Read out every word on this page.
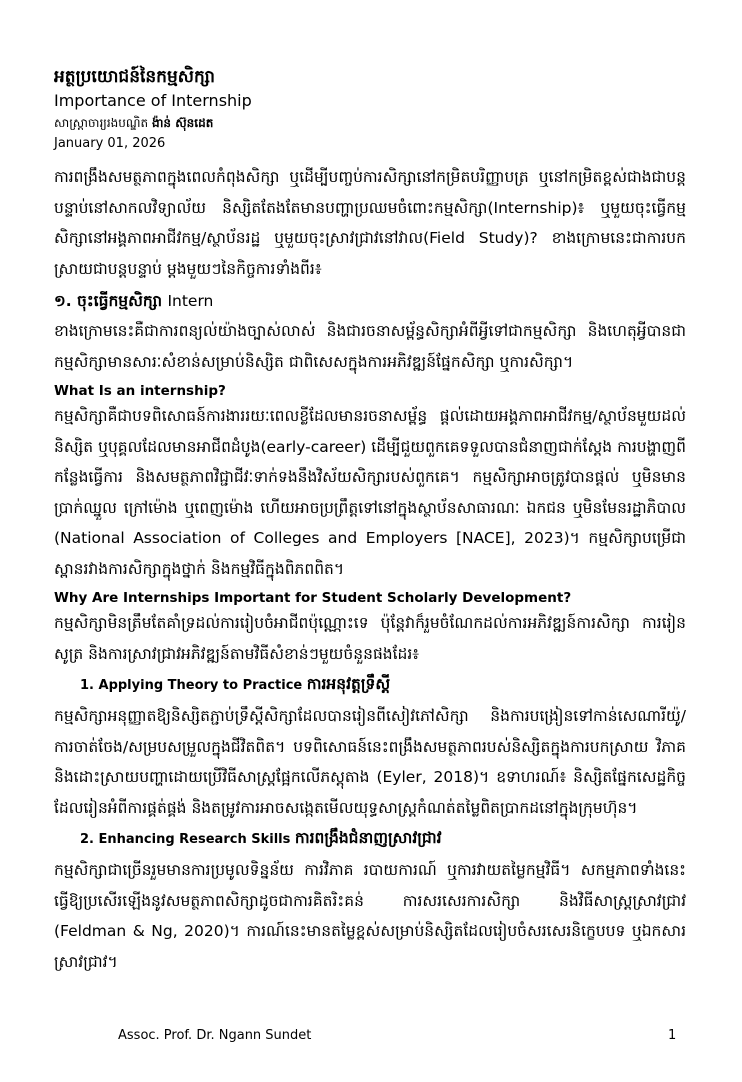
អត្ថប្រយោជន៍នៃកម្មសិក្សា
Importance of Internship
សាស្ត្រាចារ្យរងបណ្ឌិត ង៉ាន់ ស៊ុនដេត
January 01, 2026

ការពង្រឹងសមត្ថភាពក្នុងពេលកំពុងសិក្សា ឬដើម្បីបញ្ចប់ការសិក្សានៅកម្រិតបរិញ្ញាបត្រ ឬនៅកម្រិតខ្ពស់ជាងជាបន្តបន្ទាប់នៅសាកលវិទ្យាល័យ និស្សិតតែងតែមានបញ្ហាប្រឈមចំពោះកម្មសិក្សា(Internship)៖ ឬមួយចុះធ្វើកម្មសិក្សានៅអង្គភាពអាជីវកម្ម/ស្ថាប័នរដ្ឋ ឬមួយចុះស្រាវជ្រាវនៅវាល(Field Study)? ខាងក្រោមនេះជាការបកស្រាយជាបន្តបន្ទាប់ ម្តងមួយៗនៃកិច្ចការទាំងពីរ៖

១. ចុះធ្វើកម្មសិក្សា Intern

ខាងក្រោមនេះគឺជាការពន្យល់យ៉ាងច្បាស់លាស់ និងជារចនាសម្ព័ន្ធសិក្សាអំពីអ្វីទៅជាកម្មសិក្សា និងហេតុអ្វីបានជាកម្មសិក្សាមានសារៈសំខាន់សម្រាប់និស្សិត ជាពិសេសក្នុងការអភិវឌ្ឍន៍ផ្នែកសិក្សា ឬការសិក្សា។

What Is an internship?

កម្មសិក្សាគឺជាបទពិសោធន៍ការងាររយៈពេលខ្លីដែលមានរចនាសម្ព័ន្ធ ផ្តល់ដោយអង្គភាពអាជីវកម្ម/ស្ថាប័នមួយដល់និស្សិត ឬបុគ្គលដែលមានអាជីពដំបូង(early-career) ដើម្បីជួយពួកគេទទួលបានជំនាញជាក់ស្តែង ការបង្ហាញពីកន្លែងធ្វើការ និងសមត្ថភាពវិជ្ជាជីវៈទាក់ទងនឹងវិស័យសិក្សារបស់ពួកគេ។ កម្មសិក្សាអាចត្រូវបានផ្តល់ ឬមិនមានប្រាក់ឈ្នួល ក្រៅម៉ោង ឬពេញម៉ោង ហើយអាចប្រព្រឹត្តទៅនៅក្នុងស្ថាប័នសាធារណៈ ឯកជន ឬមិនមែនរដ្ឋាភិបាល (National Association of Colleges and Employers [NACE], 2023)។ កម្មសិក្សាបម្រើជាស្ពានរវាងការសិក្សាក្នុងថ្នាក់ និងកម្មវិធីក្នុងពិភពពិត។

Why Are Internships Important for Student Scholarly Development?

កម្មសិក្សាមិនត្រឹមតែគាំទ្រដល់ការរៀបចំអាជីពប៉ុណ្ណោះទេ ប៉ុន្តែវាក៏រួមចំណែកដល់ការអភិវឌ្ឍន៍ការសិក្សា ការរៀនសូត្រ និងការស្រាវជ្រាវអភិវឌ្ឍន៍តាមវិធីសំខាន់ៗមួយចំនួនផងដែរ៖

1. Applying Theory to Practice ការអនុវត្តទ្រឹស្តី

កម្មសិក្សាអនុញ្ញាតឱ្យនិស្សិតភ្ជាប់ទ្រឹស្តីសិក្សាដែលបានរៀនពីសៀវភៅសិក្សា និងការបង្រៀនទៅកាន់សេណារីយ៉ូ/ការចាត់ចែង/សម្របសម្រួលក្នុងជីវិតពិត។ បទពិសោធន៍នេះពង្រឹងសមត្ថភាពរបស់និស្សិតក្នុងការបកស្រាយ វិភាគ និងដោះស្រាយបញ្ហាដោយប្រើវិធីសាស្ត្រផ្អែកលើភស្តុតាង (Eyler, 2018)។ ឧទាហរណ៍៖ និស្សិតផ្នែកសេដ្ឋកិច្ចដែលរៀនអំពីការផ្គត់ផ្គង់ និងតម្រូវការអាចសង្កេតមើលយុទ្ធសាស្ត្រកំណត់តម្លៃពិតប្រាកដនៅក្នុងក្រុមហ៊ុន។

2. Enhancing Research Skills ការពង្រឹងជំនាញស្រាវជ្រាវ

កម្មសិក្សាជាច្រើនរួមមានការប្រមូលទិន្នន័យ ការវិភាគ របាយការណ៍ ឬការវាយតម្លៃកម្មវិធី។ សកម្មភាពទាំងនេះធ្វើឱ្យប្រសើរឡើងនូវសមត្ថភាពសិក្សាដូចជាការគិតរិះគន់ ការសរសេរការសិក្សា និងវិធីសាស្ត្រស្រាវជ្រាវ (Feldman & Ng, 2020)។ ការណ៍នេះមានតម្លៃខ្ពស់សម្រាប់និស្សិតដែលរៀបចំសរសេរនិក្ខេបបទ ឬឯកសារស្រាវជ្រាវ។

Assoc. Prof. Dr. Ngann Sundet	1
